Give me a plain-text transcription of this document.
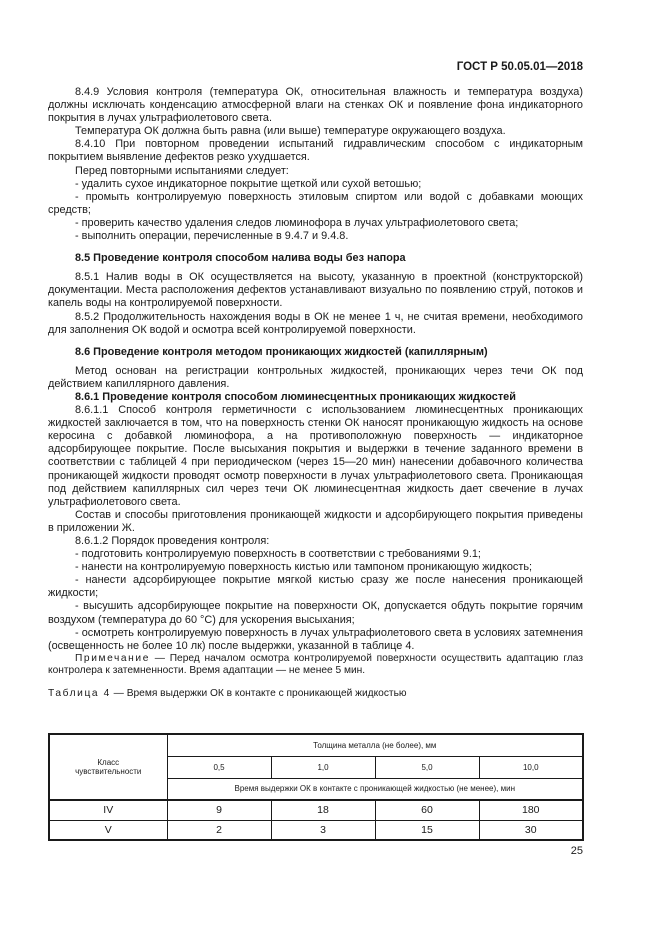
ГОСТ Р 50.05.01—2018

8.4.9 Условия контроля (температура ОК, относительная влажность и температура воздуха) должны исключать конденсацию атмосферной влаги на стенках ОК и появление фона индикаторного покрытия в лучах ультрафиолетового света.

Температура ОК должна быть равна (или выше) температуре окружающего воздуха.

8.4.10 При повторном проведении испытаний гидравлическим способом с индикаторным покрытием выявление дефектов резко ухудшается.

Перед повторными испытаниями следует:

- удалить сухое индикаторное покрытие щеткой или сухой ветошью;

- промыть контролируемую поверхность этиловым спиртом или водой с добавками моющих средств;

- проверить качество удаления следов люминофора в лучах ультрафиолетового света;

- выполнить операции, перечисленные в 9.4.7 и 9.4.8.

8.5 Проведение контроля способом налива воды без напора

8.5.1 Налив воды в ОК осуществляется на высоту, указанную в проектной (конструкторской) документации. Места расположения дефектов устанавливают визуально по появлению струй, потоков и капель воды на контролируемой поверхности.

8.5.2 Продолжительность нахождения воды в ОК не менее 1 ч, не считая времени, необходимого для заполнения ОК водой и осмотра всей контролируемой поверхности.

8.6 Проведение контроля методом проникающих жидкостей (капиллярным)

Метод основан на регистрации контрольных жидкостей, проникающих через течи ОК под действием капиллярного давления.

8.6.1 Проведение контроля способом люминесцентных проникающих жидкостей

8.6.1.1 Способ контроля герметичности с использованием люминесцентных проникающих жидкостей заключается в том, что на поверхность стенки ОК наносят проникающую жидкость на основе керосина с добавкой люминофора, а на противоположную поверхность — индикаторное адсорбирующее покрытие. После высыхания покрытия и выдержки в течение заданного времени в соответствии с таблицей 4 при периодическом (через 15—20 мин) нанесении добавочного количества проникающей жидкости проводят осмотр поверхности в лучах ультрафиолетового света. Проникающая под действием капиллярных сил через течи ОК люминесцентная жидкость дает свечение в лучах ультрафиолетового света.

Состав и способы приготовления проникающей жидкости и адсорбирующего покрытия приведены в приложении Ж.

8.6.1.2 Порядок проведения контроля:

- подготовить контролируемую поверхность в соответствии с требованиями 9.1;

- нанести на контролируемую поверхность кистью или тампоном проникающую жидкость;

- нанести адсорбирующее покрытие мягкой кистью сразу же после нанесения проникающей жидкости;

- высушить адсорбирующее покрытие на поверхности ОК, допускается обдуть покрытие горячим воздухом (температура до 60 °С) для ускорения высыхания;

- осмотреть контролируемую поверхность в лучах ультрафиолетового света в условиях затемнения (освещенность не более 10 лк) после выдержки, указанной в таблице 4.

Примечание — Перед началом осмотра контролируемой поверхности осуществить адаптацию глаз контролера к затемненности. Время адаптации — не менее 5 мин.

Таблица 4 — Время выдержки ОК в контакте с проникающей жидкостью

Класс чувствительности	Толщина металла (не более), мм			
	0,5	1,0	5,0	10,0
	Время выдержки ОК в контакте с проникающей жидкостью (не менее), мин			
IV	9	18	60	180
V	2	3	15	30
25
